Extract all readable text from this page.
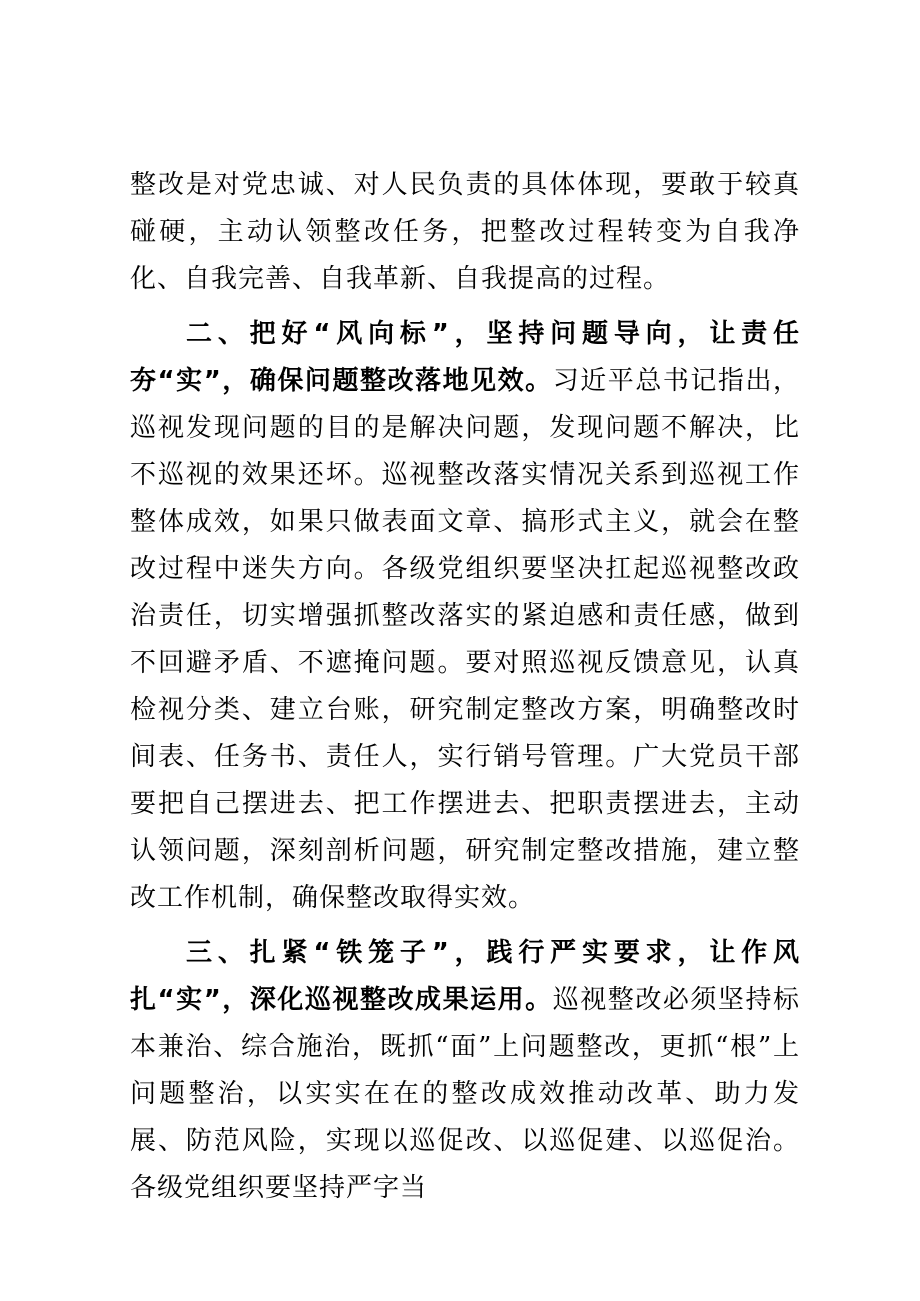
整改是对党忠诚、对人民负责的具体体现，要敢于较真碰硬，主动认领整改任务，把整改过程转变为自我净化、自我完善、自我革新、自我提高的过程。

二、把好“风向标”，坚持问题导向，让责任夯“实”，确保问题整改落地见效。习近平总书记指出，巡视发现问题的目的是解决问题，发现问题不解决，比不巡视的效果还坏。巡视整改落实情况关系到巡视工作整体成效，如果只做表面文章、搞形式主义，就会在整改过程中迷失方向。各级党组织要坚决扛起巡视整改政治责任，切实增强抓整改落实的紧迫感和责任感，做到不回避矛盾、不遮掩问题。要对照巡视反馈意见，认真检视分类、建立台账，研究制定整改方案，明确整改时间表、任务书、责任人，实行销号管理。广大党员干部要把自己摆进去、把工作摆进去、把职责摆进去，主动认领问题，深刻剖析问题，研究制定整改措施，建立整改工作机制，确保整改取得实效。

三、扎紧“铁笼子”，践行严实要求，让作风扎“实”，深化巡视整改成果运用。巡视整改必须坚持标本兼治、综合施治，既抓“面”上问题整改，更抓“根”上问题整治，以实实在在的整改成效推动改革、助力发展、防范风险，实现以巡促改、以巡促建、以巡促治。各级党组织要坚持严字当
